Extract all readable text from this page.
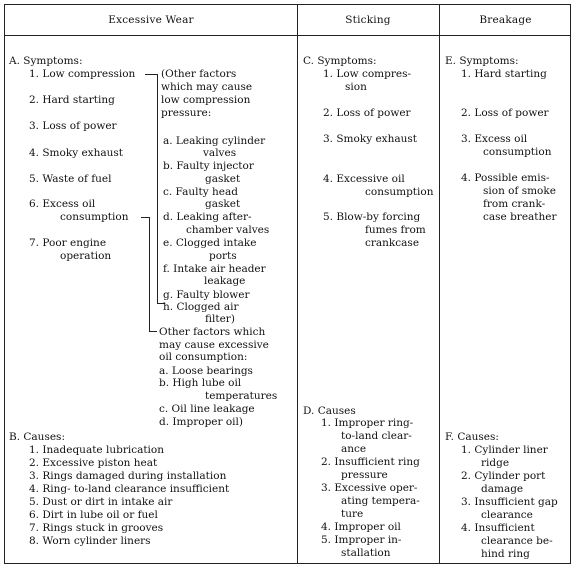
Excessive Wear	Sticking	Breakage
A. Symptoms:
1. Low compression
2. Hard starting
3. Loss of power
4. Smoky exhaust
5. Waste of fuel
6. Excess oil
consumption
7. Poor engine
operation
(Other factors
which may cause
low compression
pressure:
a. Leaking cylinder
valves
b. Faulty injector
gasket
c. Faulty head
gasket
d. Leaking after-
chamber valves
e. Clogged intake
ports
f. Intake air header
leakage
g. Faulty blower
h. Clogged air
filter)
Other factors which
may cause excessive
oil consumption:
a. Loose bearings
b. High lube oil
temperatures
c. Oil line leakage
d. Improper oil)
B. Causes:
1. Inadequate lubrication
2. Excessive piston heat
3. Rings damaged during installation
4. Ring- to-land clearance insufficient
5. Dust or dirt in intake air
6. Dirt in lube oil or fuel
7. Rings stuck in grooves
8. Worn cylinder liners
C. Symptoms:
1. Low compres-
sion
2. Loss of power
3. Smoky exhaust
4. Excessive oil
consumption
5. Blow-by forcing
fumes from
crankcase
D. Causes
1. Improper ring-
to-land clear-
ance
2. Insufficient ring
pressure
3. Excessive oper-
ating tempera-
ture
4. Improper oil
5. Improper in-
stallation
E. Symptoms:
1. Hard starting
2. Loss of power
3. Excess oil
consumption
4. Possible emis-
sion of smoke
from crank-
case breather
F. Causes:
1. Cylinder liner
ridge
2. Cylinder port
damage
3. Insufficient gap
clearance
4. Insufficient
clearance be-
hind ring
